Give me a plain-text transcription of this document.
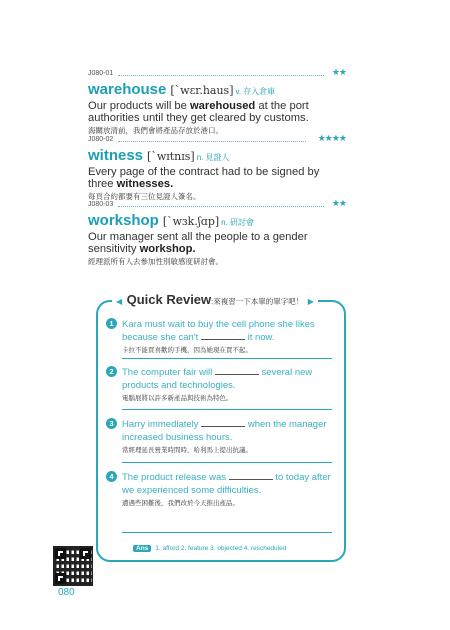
J080-01	★★
warehouse [ˋwɛr.haus] v. 存入倉庫
Our products will be warehoused at the port authorities until they get cleared by customs.
海關放清前，我們會將產品存放於港口。
J080-02	★★★★
witness [ˋwɪtnɪs] n. 見證人
Every page of the contract had to be signed by three witnesses.
每頁合約都要有三位見證人簽名。
J080-03	★★
workshop [ˋwɜk.ʃɑp] n. 研討會
Our manager sent all the people to a gender sensitivity workshop.
經理派所有人去參加性別敏感度研討會。
◀ Quick Review:來複習一下本單的單字吧！ ▶
1 Kara must wait to buy the cell phone she likes because she can't	it now.
卡拉不能買喜歡的手機，因為她現在買不起。
2 The computer fair will	several new products and technologies.
電腦展將以許多新產品與技術為特色。
3 Harry immediately	when the manager increased business hours.
當經理延長營業時間時，哈利馬上提出抗議。
4 The product release was	to today after we experienced some difficulties.
遭遇些困難後，我們改於今天推出產品。
Ans 1. afford 2. feature 3. objected 4. rescheduled
080
